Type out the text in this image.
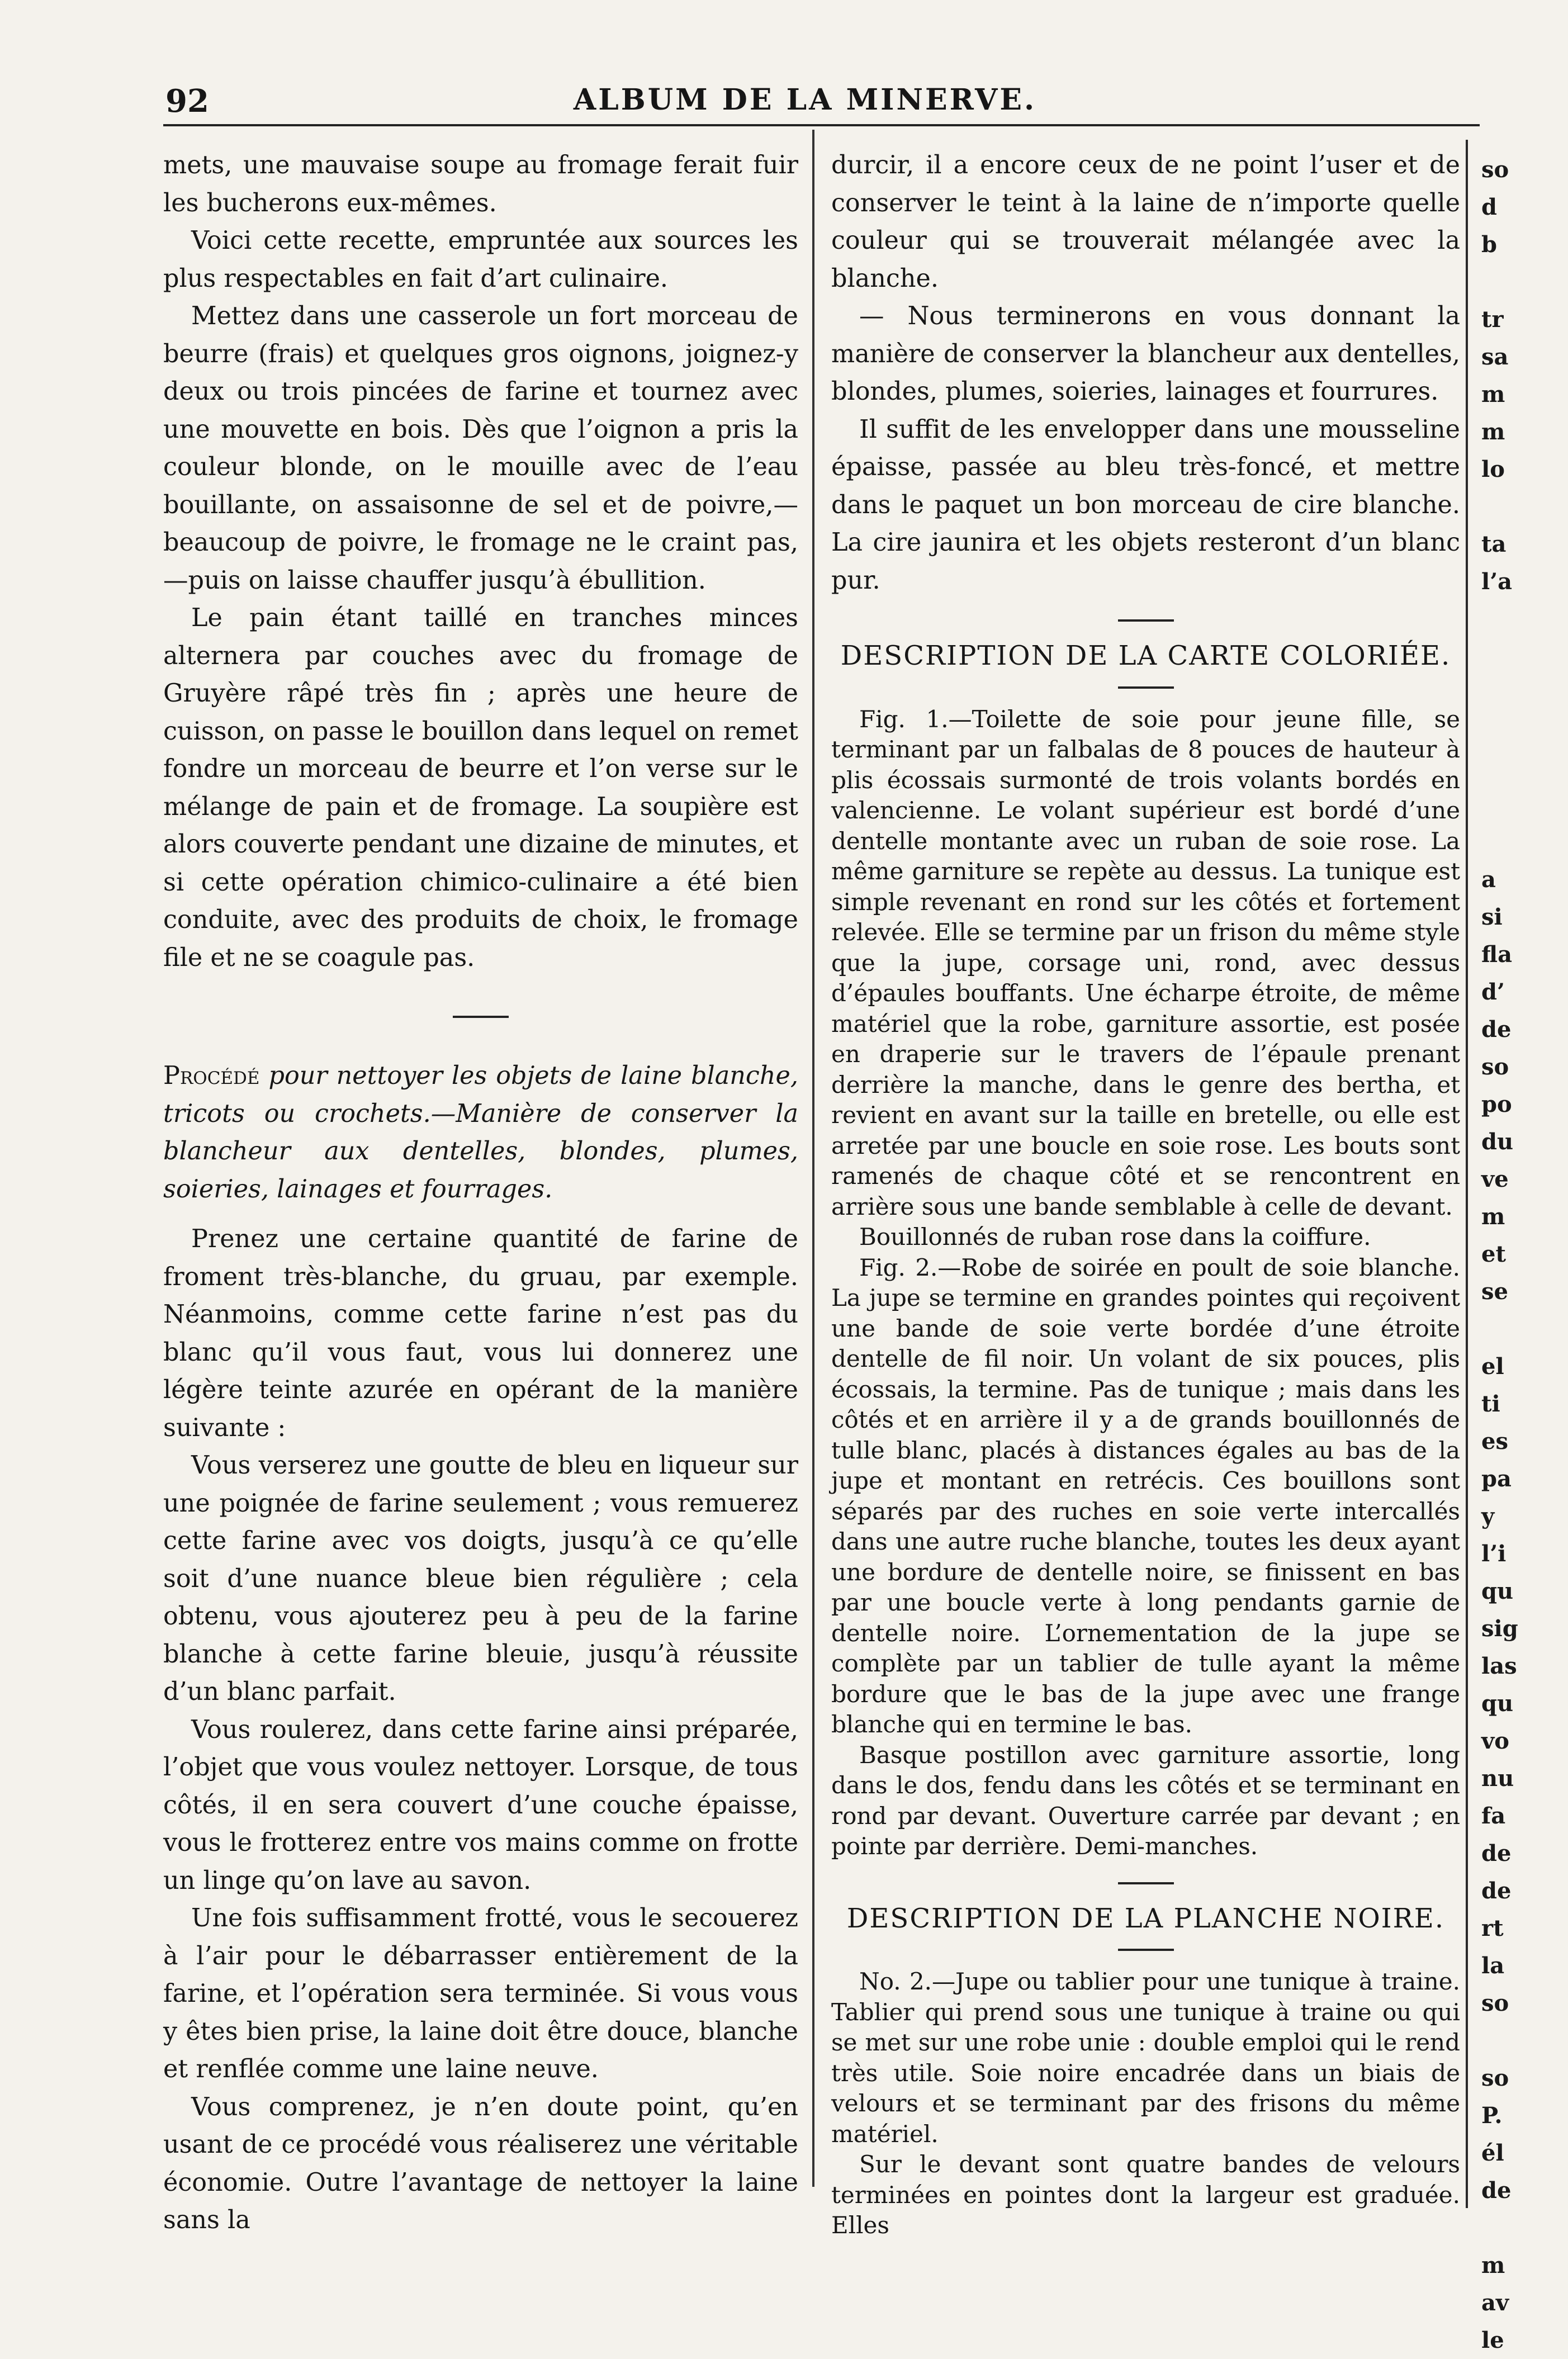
92	ALBUM DE LA MINERVE.

mets, une mauvaise soupe au fromage ferait fuir les bucherons eux-mêmes.

Voici cette recette, empruntée aux sources les plus respectables en fait d’art culinaire.

Mettez dans une casserole un fort morceau de beurre (frais) et quelques gros oignons, joignez-y deux ou trois pincées de farine et tournez avec une mouvette en bois. Dès que l’oignon a pris la couleur blonde, on le mouille avec de l’eau bouillante, on assaisonne de sel et de poivre,—beaucoup de poivre, le fromage ne le craint pas,—puis on laisse chauffer jusqu’à ébullition.

Le pain étant taillé en tranches minces alternera par couches avec du fromage de Gruyère râpé très fin ; après une heure de cuisson, on passe le bouillon dans lequel on remet fondre un morceau de beurre et l’on verse sur le mélange de pain et de fromage. La soupière est alors couverte pendant une dizaine de minutes, et si cette opération chimico-culinaire a été bien conduite, avec des produits de choix, le fromage file et ne se coagule pas.

Procédé pour nettoyer les objets de laine blanche, tricots ou crochets.—Manière de conserver la blancheur aux dentelles, blondes, plumes, soieries, lainages et fourrages.

Prenez une certaine quantité de farine de froment très-blanche, du gruau, par exemple. Néanmoins, comme cette farine n’est pas du blanc qu’il vous faut, vous lui donnerez une légère teinte azurée en opérant de la manière suivante :

Vous verserez une goutte de bleu en liqueur sur une poignée de farine seulement ; vous remuerez cette farine avec vos doigts, jusqu’à ce qu’elle soit d’une nuance bleue bien régulière ; cela obtenu, vous ajouterez peu à peu de la farine blanche à cette farine bleuie, jusqu’à réussite d’un blanc parfait.

Vous roulerez, dans cette farine ainsi préparée, l’objet que vous voulez nettoyer. Lorsque, de tous côtés, il en sera couvert d’une couche épaisse, vous le frotterez entre vos mains comme on frotte un linge qu’on lave au savon.

Une fois suffisamment frotté, vous le secouerez à l’air pour le débarrasser entièrement de la farine, et l’opération sera terminée. Si vous vous y êtes bien prise, la laine doit être douce, blanche et renflée comme une laine neuve.

Vous comprenez, je n’en doute point, qu’en usant de ce procédé vous réaliserez une véritable économie. Outre l’avantage de nettoyer la laine sans la

durcir, il a encore ceux de ne point l’user et de conserver le teint à la laine de n’importe quelle couleur qui se trouverait mélangée avec la blanche.

— Nous terminerons en vous donnant la manière de conserver la blancheur aux dentelles, blondes, plumes, soieries, lainages et fourrures.

Il suffit de les envelopper dans une mousseline épaisse, passée au bleu très-foncé, et mettre dans le paquet un bon morceau de cire blanche. La cire jaunira et les objets resteront d’un blanc pur.

DESCRIPTION DE LA CARTE COLORIÉE.

Fig. 1.—Toilette de soie pour jeune fille, se terminant par un falbalas de 8 pouces de hauteur à plis écossais surmonté de trois volants bordés en valencienne. Le volant supérieur est bordé d’une dentelle montante avec un ruban de soie rose. La même garniture se repète au dessus. La tunique est simple revenant en rond sur les côtés et fortement relevée. Elle se termine par un frison du même style que la jupe, corsage uni, rond, avec dessus d’épaules bouffants. Une écharpe étroite, de même matériel que la robe, garniture assortie, est posée en draperie sur le travers de l’épaule prenant derrière la manche, dans le genre des bertha, et revient en avant sur la taille en bretelle, ou elle est arretée par une boucle en soie rose. Les bouts sont ramenés de chaque côté et se rencontrent en arrière sous une bande semblable à celle de devant.

Bouillonnés de ruban rose dans la coiffure.

Fig. 2.—Robe de soirée en poult de soie blanche. La jupe se termine en grandes pointes qui reçoivent une bande de soie verte bordée d’une étroite dentelle de fil noir. Un volant de six pouces, plis écossais, la termine. Pas de tunique ; mais dans les côtés et en arrière il y a de grands bouillonnés de tulle blanc, placés à distances égales au bas de la jupe et montant en retrécis. Ces bouillons sont séparés par des ruches en soie verte intercallés dans une autre ruche blanche, toutes les deux ayant une bordure de dentelle noire, se finissent en bas par une boucle verte à long pendants garnie de dentelle noire. L’ornementation de la jupe se complète par un tablier de tulle ayant la même bordure que le bas de la jupe avec une frange blanche qui en termine le bas.

Basque postillon avec garniture assortie, long dans le dos, fendu dans les côtés et se terminant en rond par devant. Ouverture carrée par devant ; en pointe par derrière. Demi-manches.

DESCRIPTION DE LA PLANCHE NOIRE.

No. 2.—Jupe ou tablier pour une tunique à traine. Tablier qui prend sous une tunique à traine ou qui se met sur une robe unie : double emploi qui le rend très utile. Soie noire encadrée dans un biais de velours et se terminant par des frisons du même matériel.

Sur le devant sont quatre bandes de velours terminées en pointes dont la largeur est graduée. Elles

so
d
b
tr
sa
m
m
lo
ta
l’a
a
si
fla
d’
de
so
po
du
ve
m
et
se
el
ti
es
pa
y
l’i
qu
sig
las
qu
vo
nu
fa
de
de
rt
la
so
so
P.
él
de
m
av
le
